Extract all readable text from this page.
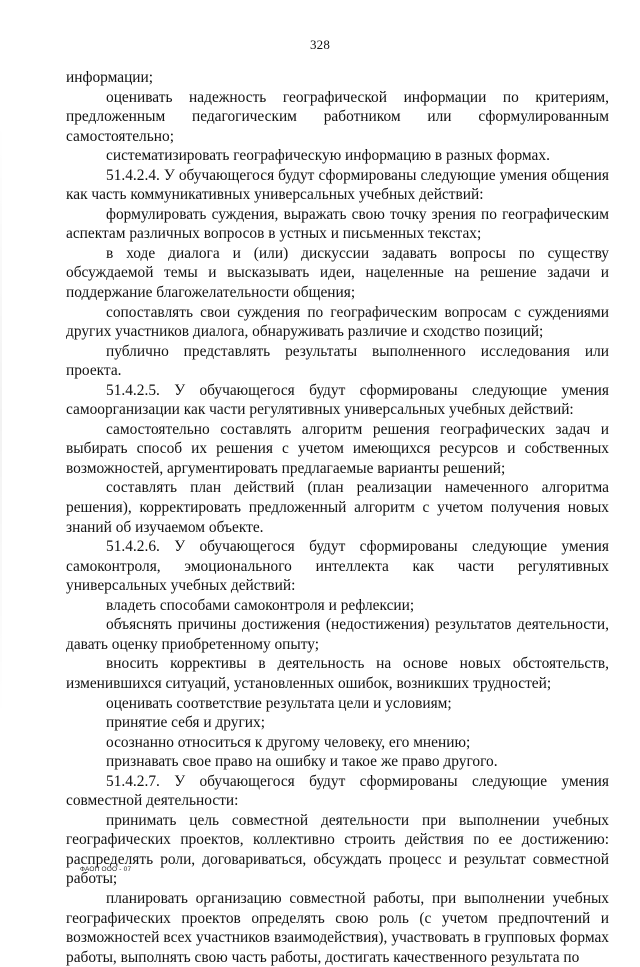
328

информации;

оценивать надежность географической информации по критериям, предложенным педагогическим работником или сформулированным самостоятельно;

систематизировать географическую информацию в разных формах.

51.4.2.4. У обучающегося будут сформированы следующие умения общения как часть коммуникативных универсальных учебных действий:

формулировать суждения, выражать свою точку зрения по географическим аспектам различных вопросов в устных и письменных текстах;

в ходе диалога и (или) дискуссии задавать вопросы по существу обсуждаемой темы и высказывать идеи, нацеленные на решение задачи и поддержание благожелательности общения;

сопоставлять свои суждения по географическим вопросам с суждениями других участников диалога, обнаруживать различие и сходство позиций;

публично представлять результаты выполненного исследования или проекта.

51.4.2.5. У обучающегося будут сформированы следующие умения самоорганизации как части регулятивных универсальных учебных действий:

самостоятельно составлять алгоритм решения географических задач и выбирать способ их решения с учетом имеющихся ресурсов и собственных возможностей, аргументировать предлагаемые варианты решений;

составлять план действий (план реализации намеченного алгоритма решения), корректировать предложенный алгоритм с учетом получения новых знаний об изучаемом объекте.

51.4.2.6. У обучающегося будут сформированы следующие умения самоконтроля, эмоционального интеллекта как части регулятивных универсальных учебных действий:

владеть способами самоконтроля и рефлексии;

объяснять причины достижения (недостижения) результатов деятельности, давать оценку приобретенному опыту;

вносить коррективы в деятельность на основе новых обстоятельств, изменившихся ситуаций, установленных ошибок, возникших трудностей;

оценивать соответствие результата цели и условиям;

принятие себя и других;

осознанно относиться к другому человеку, его мнению;

признавать свое право на ошибку и такое же право другого.

51.4.2.7. У обучающегося будут сформированы следующие умения совместной деятельности:

принимать цель совместной деятельности при выполнении учебных географических проектов, коллективно строить действия по ее достижению: распределять роли, договариваться, обсуждать процесс и результат совместной работы;

планировать организацию совместной работы, при выполнении учебных географических проектов определять свою роль (с учетом предпочтений и возможностей всех участников взаимодействия), участвовать в групповых формах работы, выполнять свою часть работы, достигать качественного результата по

ФАОП ООО - 07
